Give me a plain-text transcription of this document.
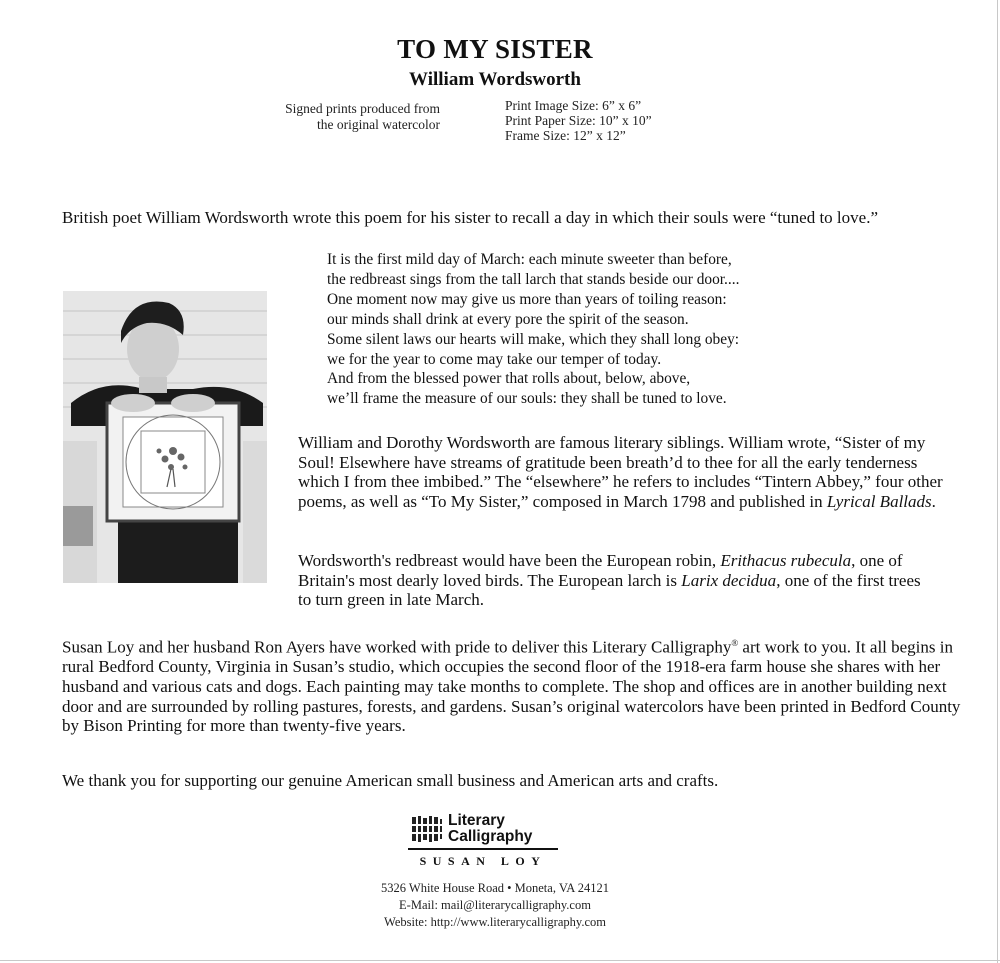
TO MY SISTER
William Wordsworth
Signed prints produced from
the original watercolor
Print Image Size: 6” x 6”
Print Paper Size: 10” x 10”
Frame Size: 12” x 12”
British poet William Wordsworth wrote this poem for his sister to recall a day in which their souls were “tuned to love.”
It is the first mild day of March: each minute sweeter than before,
the redbreast sings from the tall larch that stands beside our door....
One moment now may give us more than years of toiling reason:
our minds shall drink at every pore the spirit of the season.
Some silent laws our hearts will make, which they shall long obey:
we for the year to come may take our temper of today.
And from the blessed power that rolls about, below, above,
we’ll frame the measure of our souls: they shall be tuned to love.
William and Dorothy Wordsworth are famous literary siblings. William wrote, “Sister of my Soul! Elsewhere have streams of gratitude been breath’d to thee for all the early tenderness which I from thee imbibed.” The “elsewhere” he refers to includes “Tintern Abbey,” four other poems, as well as “To My Sister,” composed in March 1798 and published in Lyrical Ballads.
Wordsworth's redbreast would have been the European robin, Erithacus rubecula, one of Britain's most dearly loved birds. The European larch is Larix decidua, one of the first trees to turn green in late March.
Susan Loy and her husband Ron Ayers have worked with pride to deliver this Literary Calligraphy® art work to you. It all begins in rural Bedford County, Virginia in Susan’s studio, which occupies the second floor of the 1918-era farm house she shares with her husband and various cats and dogs. Each painting may take months to complete. The shop and offices are in another building next door and are surrounded by rolling pastures, forests, and gardens. Susan’s original watercolors have been printed in Bedford County by Bison Printing for more than twenty-five years.
We thank you for supporting our genuine American small business and American arts and crafts.
Literary
Calligraphy
SUSAN LOY
5326 White House Road • Moneta, VA 24121
E-Mail: mail@literarycalligraphy.com
Website: http://www.literarycalligraphy.com
